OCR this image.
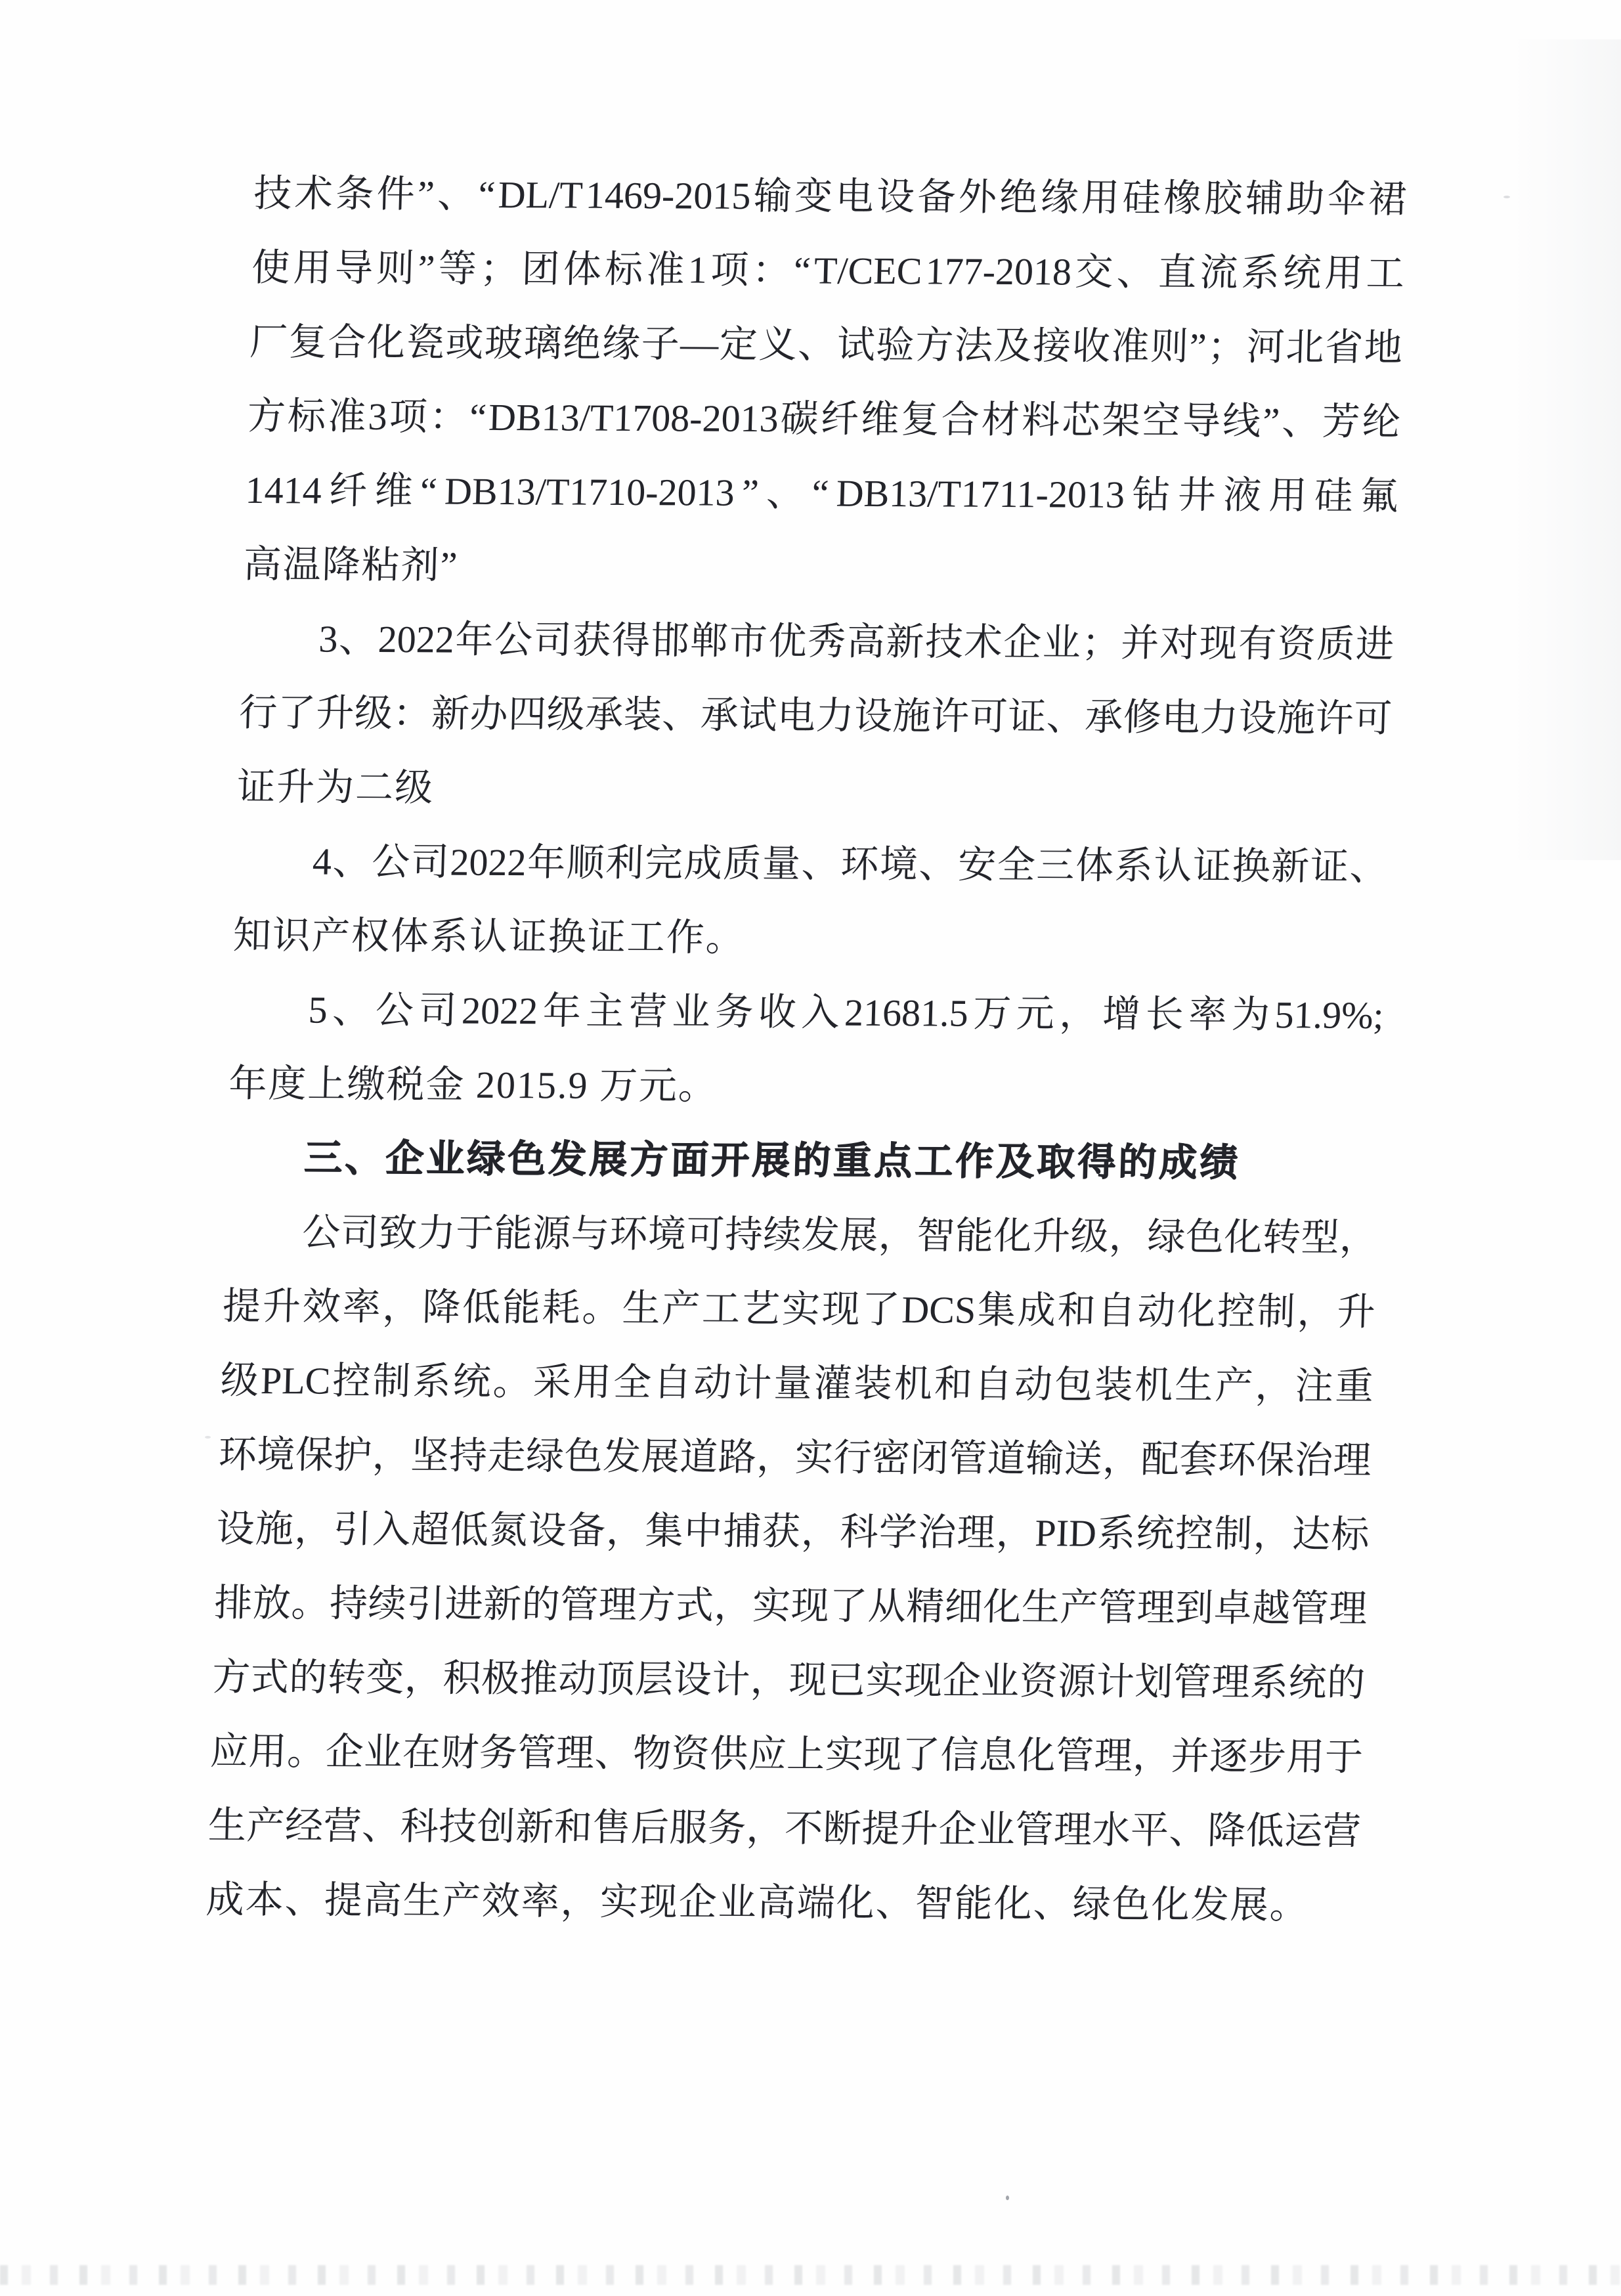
技 术 条 件 ” 、 “ DL/T 1469-2015 输 变 电 设 备 外 绝 缘 用 硅 橡 胶 辅 助 伞 裙

使 用 导 则 ” 等 ； 团 体 标 准 1 项 ： “ T/CEC 177-2018 交 、 直 流 系 统 用 工

厂 复 合 化 瓷 或 玻 璃 绝 缘 子 — 定 义 、 试 验 方 法 及 接 收 准 则 ” ； 河 北 省 地

方 标 准 3 项 ： “ DB13/T1708-2013 碳 纤 维 复 合 材 料 芯 架 空 导 线 ” 、 芳 纶

1414 纤 维 “ DB13/T1710-2013 ” 、 “ DB13/T1711-2013 钻 井 液 用 硅 氟

高温降粘剂”

3 、 2022 年 公 司 获 得 邯 郸 市 优 秀 高 新 技 术 企 业 ； 并 对 现 有 资 质 进

行
了
升
级
：
新
办
四
级
承
装
、
承
试
电
力
设
施
许
可
证
、
承
修
电
力
设
施
许
可

证升为二级

4 、 公 司 2022 年 顺 利 完 成 质 量 、 环 境 、 安 全 三 体 系 认 证 换 新 证 、

知识产权体系认证换证工作。

5 、 公 司 2022 年 主 营 业 务 收 入 21681.5 万 元 ， 增 长 率 为 51.9%;

年度上缴税金 2015.9 万元。

三、企业绿色发展方面开展的重点工作及取得的成绩

公
司
致
力
于
能
源
与
环
境
可
持
续
发
展
，
智
能
化
升
级
，
绿
色
化
转
型
，

提 升 效 率 ， 降 低 能 耗 。 生 产 工 艺 实 现 了 DCS 集 成 和 自 动 化 控 制 ， 升

级 PLC 控 制 系 统 。 采 用 全 自 动 计 量 灌 装 机 和 自 动 包 装 机 生 产 ， 注 重

环
境
保
护
，
坚
持
走
绿
色
发
展
道
路
，
实
行
密
闭
管
道
输
送
，
配
套
环
保
治
理

设 施 ， 引 入 超 低 氮 设 备 ， 集 中 捕 获 ， 科 学 治 理 ， PID 系 统 控 制 ， 达 标

排
放
。
持
续
引
进
新
的
管
理
方
式
，
实
现
了
从
精
细
化
生
产
管
理
到
卓
越
管
理

方
式
的
转
变
，
积
极
推
动
顶
层
设
计
，
现
已
实
现
企
业
资
源
计
划
管
理
系
统
的

应
用
。
企
业
在
财
务
管
理
、
物
资
供
应
上
实
现
了
信
息
化
管
理
，
并
逐
步
用
于

生
产
经
营
、
科
技
创
新
和
售
后
服
务
，
不
断
提
升
企
业
管
理
水
平
、
降
低
运
营

成本、提高生产效率，实现企业高端化、智能化、绿色化发展。
